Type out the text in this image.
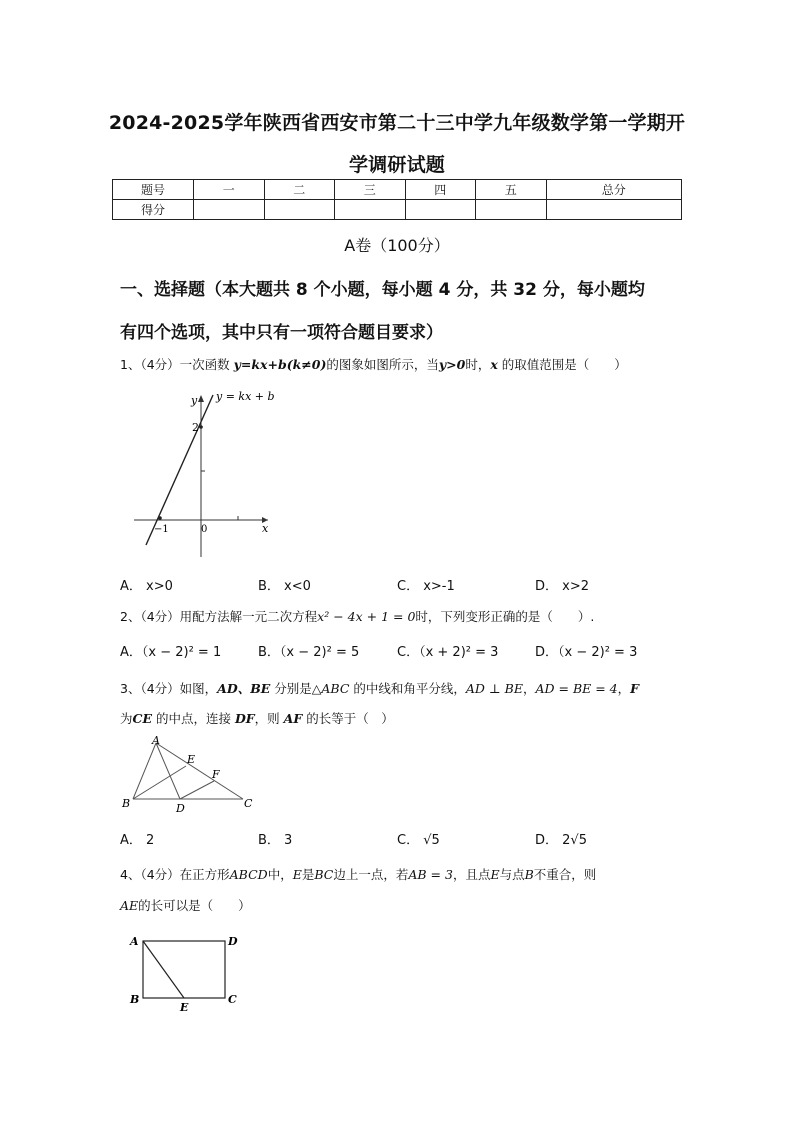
2024-2025学年陕西省西安市第二十三中学九年级数学第一学期开
学调研试题
题号	一	二	三	四	五	总分
得分						
A卷（100分）
一、选择题（本大题共 8 个小题，每小题 4 分，共 32 分，每小题均
有四个选项，其中只有一项符合题目要求）
1、（4分）一次函数 y=kx+b(k≠0)的图象如图所示，当y>0时，x 的取值范围是（　　）
y = kx + b
y
x
2
−1	0
A． x>0	B． x<0	C． x>-1	D． x>2
2、（4分）用配方法解一元二次方程x² − 4x + 1 = 0时，下列变形正确的是（　　）.
A．（x − 2)² = 1	B．（x − 2)² = 5	C．（x + 2)² = 3	D．（x − 2)² = 3
3、（4分）如图，AD、BE 分别是△ABC 的中线和角平分线，AD ⊥ BE，AD = BE = 4，F
为CE 的中点，连接 DF，则 AF 的长等于（　）
A
B	C
D
E
F
A． 2	B． 3	C． √5	D． 2√5
4、（4分）在正方形ABCD中，E是BC边上一点，若AB = 3，且点E与点B不重合，则
AE的长可以是（　　）
A	D
B	C
E
